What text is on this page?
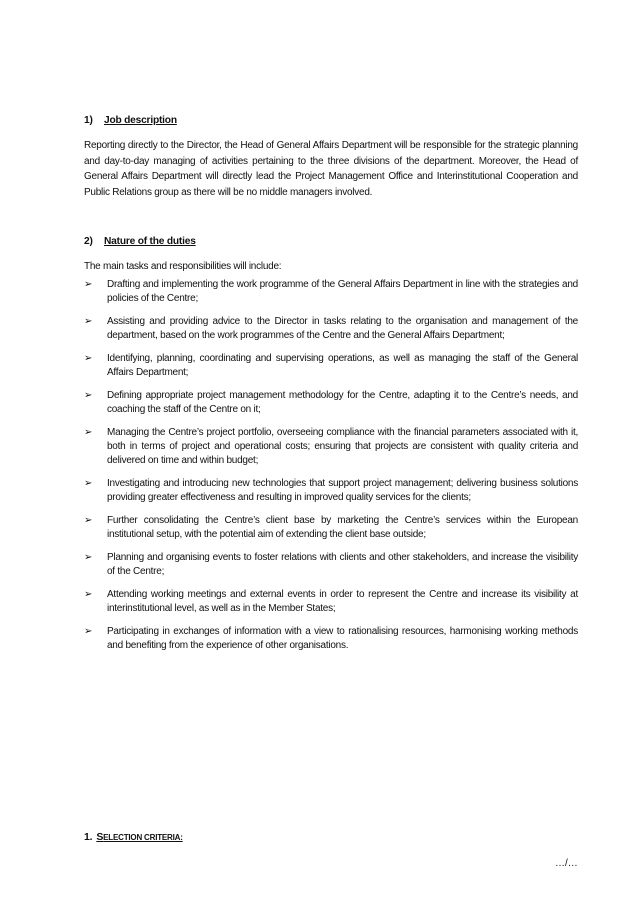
1) Job description

Reporting directly to the Director, the Head of General Affairs Department will be responsible for the strategic planning and day-to-day managing of activities pertaining to the three divisions of the department. Moreover, the Head of General Affairs Department will directly lead the Project Management Office and Interinstitutional Cooperation and Public Relations group as there will be no middle managers involved.

2) Nature of the duties
The main tasks and responsibilities will include:
➢ Drafting and implementing the work programme of the General Affairs Department in line with the strategies and policies of the Centre;
➢ Assisting and providing advice to the Director in tasks relating to the organisation and management of the department, based on the work programmes of the Centre and the General Affairs Department;
➢ Identifying, planning, coordinating and supervising operations, as well as managing the staff of the General Affairs Department;
➢ Defining appropriate project management methodology for the Centre, adapting it to the Centre’s needs, and coaching the staff of the Centre on it;
➢ Managing the Centre’s project portfolio, overseeing compliance with the financial parameters associated with it, both in terms of project and operational costs; ensuring that projects are consistent with quality criteria and delivered on time and within budget;
➢ Investigating and introducing new technologies that support project management; delivering business solutions providing greater effectiveness and resulting in improved quality services for the clients;
➢ Further consolidating the Centre’s client base by marketing the Centre’s services within the European institutional setup, with the potential aim of extending the client base outside;
➢ Planning and organising events to foster relations with clients and other stakeholders, and increase the visibility of the Centre;
➢ Attending working meetings and external events in order to represent the Centre and increase its visibility at interinstitutional level, as well as in the Member States;
➢ Participating in exchanges of information with a view to rationalising resources, harmonising working methods and benefiting from the experience of other organisations.
1. SELECTION CRITERIA:
…/…
